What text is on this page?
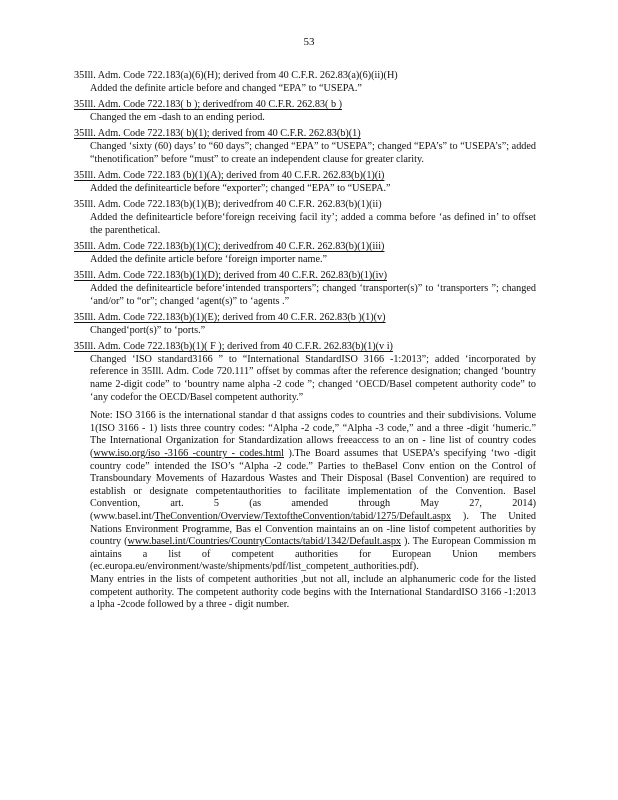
53
35Ill. Adm. Code 722.183(a)(6)(H); derived from 40 C.F.R. 262.83(a)(6)(ii)(H)
Added the definite article before and changed “EPA” to “USEPA.”
35Ill. Adm. Code 722.183( b ); derivedfrom 40 C.F.R. 262.83( b )
Changed the em -dash to an ending period.
35Ill. Adm. Code 722.183( b)(1); derived from 40 C.F.R. 262.83(b)(1)
Changed ‘sixty (60) days’ to “60 days”; changed “EPA” to “USEPA”; changed “EPA’s” to “USEPA’s”; added “thenotification” before “must” to create an independent clause for greater clarity.
35Ill. Adm. Code 722.183 (b)(1)(A); derived from 40 C.F.R. 262.83(b)(1)(i)
Added the definitearticle before “exporter”; changed “EPA” to “USEPA.”
35Ill. Adm. Code 722.183(b)(1)(B); derivedfrom 40 C.F.R. 262.83(b)(1)(ii)
Added the definitearticle before‘foreign receiving facil ity’; added a comma before ‘as defined in’ to offset the parenthetical.
35Ill. Adm. Code 722.183(b)(1)(C); derivedfrom 40 C.F.R. 262.83(b)(1)(iii)
Added the definite article before ‘foreign importer name.”
35Ill. Adm. Code 722.183(b)(1)(D); derived from 40 C.F.R. 262.83(b)(1)(iv)
Added the definitearticle before‘intended transporters”; changed ‘transporter(s)” to ‘transporters ”; changed ‘and/or” to “or”; changed ‘agent(s)” to ‘agents .”
35Ill. Adm. Code 722.183(b)(1)(E); derived from 40 C.F.R. 262.83(b )(1)(v)
Changed‘port(s)” to ‘ports.”
35Ill. Adm. Code 722.183(b)(1)( F ); derived from 40 C.F.R. 262.83(b)(1)(v i)
Changed ‘ISO standard3166 ” to “International StandardISO 3166 -1:2013”; added ‘incorporated by reference in 35Ill. Adm. Code 720.111” offset by commas after the reference designation; changed ‘bountry name 2-digit code” to ‘bountry name alpha -2 code ”; changed ‘OECD/Basel competent authority code” to ‘any codefor the OECD/Basel competent authority.”
Note: ISO 3166 is the international standar d that assigns codes to countries and their subdivisions. Volume 1(ISO 3166 - 1) lists three country codes: “Alpha -2 code,” “Alpha -3 code,” and a three -digit ‘humeric.” The International Organization for Standardization allows freeaccess to an on - line list of country codes (www.iso.org/iso -3166 -country - codes.html ).The Board assumes that USEPA’s specifying ‘two -digit country code” intended the ISO’s “Alpha -2 code.” Parties to theBasel Conv ention on the Control of Transboundary Movements of Hazardous Wastes and Their Disposal (Basel Convention) are required to establish or designate competentauthorities to facilitate implementation of the Convention. Basel Convention, art. 5 (as amended through May 27, 2014) (www.basel.int/TheConvention/Overview/TextoftheConvention/tabid/1275/Default.aspx ). The United Nations Environment Programme, Bas el Convention maintains an on -line listof competent authorities by country (www.basel.int/Countries/CountryContacts/tabid/1342/Default.aspx ). The European Commission m aintains a list of competent authorities for European Union members (ec.europa.eu/environment/waste/shipments/pdf/list_competent_authorities.pdf).
Many entries in the lists of competent authorities ,but not all, include an alphanumeric code for the listed competent authority. The competent authority code begins with the International StandardISO 3166 -1:2013 a lpha -2code followed by a three - digit number.
